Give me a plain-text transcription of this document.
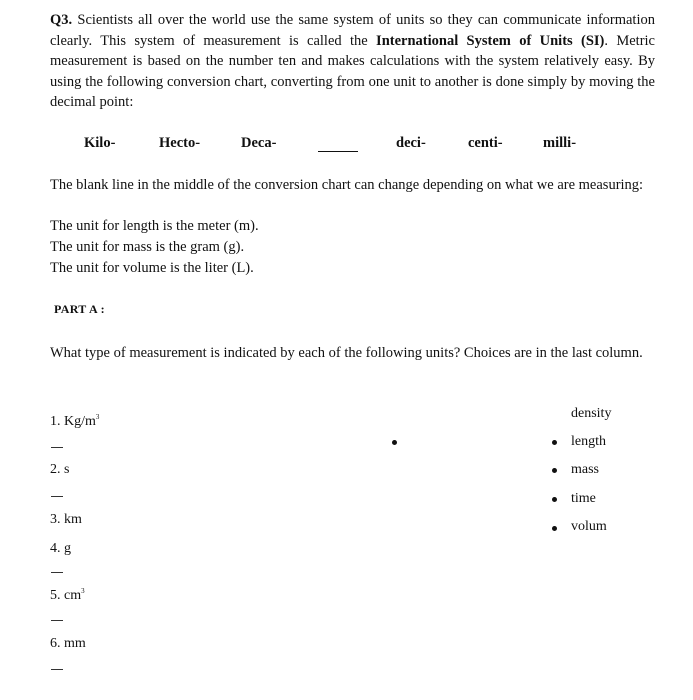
Q3. Scientists all over the world use the same system of units so they can communicate information clearly. This system of measurement is called the International System of Units (SI). Metric measurement is based on the number ten and makes calculations with the system relatively easy. By using the following conversion chart, converting from one unit to another is done simply by moving the decimal point:
Kilo-	Hecto-	Deca-	deci-	centi-	milli-
The blank line in the middle of the conversion chart can change depending on what we are measuring:
The unit for length is the meter (m).
The unit for mass is the gram (g).
The unit for volume is the liter (L).
PART A :
What type of measurement is indicated by each of the following units? Choices are in the last column.
1. $Kg/m^3$
2. s
3. km
4. g
5. $cm^3$
6. mm
density
length
mass
time
volum
